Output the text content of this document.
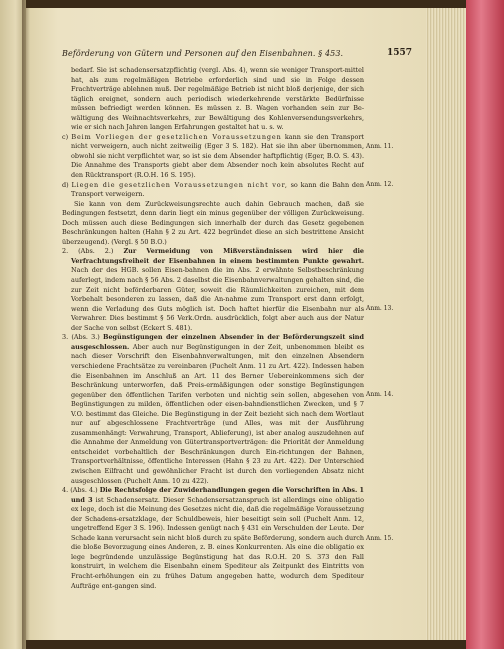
Beförderung von Gütern und Personen auf den Eisenbahnen. § 453.	1557

bedarf. Sie ist schadensersatzpflichtig (vergl. Abs. 4), wenn sie weniger Transport-mittel hat, als zum regelmäßigen Betriebe erforderlich sind und sie in Folge dessen Frachtverträge ablehnen muß. Der regelmäßige Betrieb ist nicht bloß derjenige, der sich täglich ereignet, sondern auch periodisch wiederkehrende verstärkte Bedürfnisse müssen befriedigt werden können. Es müssen z. B. Wagen vorhanden sein zur Be-wältigung des Weihnachtsverkehrs, zur Bewältigung des Kohlenversendungsverkehrs, wie er sich nach Jahren langen Erfahrungen gestaltet hat u. s. w.

c) Beim Vorliegen der gesetzlichen Voraussetzungen kann sie den Transport nicht verweigern, auch nicht zeitweilig (Eger 3 S. 182). Hat sie ihn aber übernommen, obwohl sie nicht verpflichtet war, so ist sie dem Absender haftpflichtig (Eger, B.O. S. 43). Die Annahme des Transports giebt aber dem Absender noch kein absolutes Recht auf den Rücktransport (R.O.H. 16 S. 195).

d) Liegen die gesetzlichen Voraussetzungen nicht vor, so kann die Bahn den Transport verweigern.

Sie kann von dem Zurückweisungsrechte auch dahin Gebrauch machen, daß sie Bedingungen festsetzt, denn darin liegt ein minus gegenüber der völligen Zurückweisung. Doch müssen auch diese Bedingungen sich innerhalb der durch das Gesetz gegebenen Beschränkungen halten (Hahn § 2 zu Art. 422 begründet diese an sich bestrittene Ansicht überzeugend). (Vergl. § 50 B.O.)

2. (Abs. 2.) Zur Vermeidung von Mißverständnissen wird hier die Verfrachtungsfreiheit der Eisenbahnen in einem bestimmten Punkte gewahrt. Nach der des HGB. sollen Eisen-bahnen die im Abs. 2 erwähnte Selbstbeschränkung auferlegt, indem nach § 56 Abs. 2 daselbst die Eisenbahnverwaltungen gehalten sind, die zur Zeit nicht beförderbaren Güter, soweit die Räumlichkeiten zureichen, mit dem Vorbehalt besonderen zu lassen, daß die An-nahme zum Transport erst dann erfolgt, wenn die Verladung des Guts möglich ist. Doch haftet hierfür die Eisenbahn nur als Verwahrer. Dies bestimmt § 56 Verk.Ordn. ausdrücklich, folgt aber auch aus der Natur der Sache von selbst (Eckert S. 481).

3. (Abs. 3.) Begünstigungen der einzelnen Absender in der Beförderungszeit sind ausgeschlossen. Aber auch nur Begünstigungen in der Zeit, unbenommen bleibt es nach dieser Vorschrift den Eisenbahnverwaltungen, mit den einzelnen Absendern verschiedene Frachtsätze zu vereinbaren (Puchelt Anm. 11 zu Art. 422). Indessen haben die Eisenbahnen im Anschluß an Art. 11 des Berner Uebereinkommens sich der Beschränkung unterworfen, daß Preis-ermäßigungen oder sonstige Begünstigungen gegenüber den öffentlichen Tarifen verboten und nichtig sein sollen, abgesehen von Begünstigungen zu milden, öffentlichen oder eisen-bahndienstlichen Zwecken, und § 7 V.O. bestimmt das Gleiche. Die Begünstigung in der Zeit bezieht sich nach dem Wortlaut nur auf abgeschlossene Frachtverträge (und Alles, was mit der Ausführung zusammenhängt: Verwahrung, Transport, Ablieferung), ist aber analog auszudehnen auf die Annahme der Anmeldung von Gütertransportverträgen: die Priorität der Anmeldung entscheidet vorbehaltlich der Beschränkungen durch Ein-richtungen der Bahnen, Transportverhältnisse, öffentliche Interessen (Hahn § 23 zu Art. 422). Der Unterschied zwischen Eilfracht und gewöhnlicher Fracht ist durch den vorliegenden Absatz nicht ausgeschlossen (Puchelt Anm. 10 zu 422).

4. (Abs. 4.) Die Rechtsfolge der Zuwiderhandlungen gegen die Vorschriften in Abs. 1 und 3 ist Schadensersatz. Dieser Schadensersatzanspruch ist allerdings eine obligatio ex lege, doch ist die Meinung des Gesetzes nicht die, daß die regelmäßige Voraussetzung der Schadens-ersatzklage, der Schuldbeweis, hier beseitigt sein soll (Puchelt Anm. 12, ungetreffend Eger 3 S. 196). Indessen genügt nach § 431 ein Verschulden der Leute. Der Schade kann verursacht sein nicht bloß durch zu späte Beförderung, sondern auch durch die bloße Bevorzugung eines Anderen, z. B. eines Konkurrenten. Als eine die obligatio ex lege begründende unzulässige Begünstigung hat das R.O.H. 20 S. 373 den Fall konstruirt, in welchem die Eisenbahn einem Spediteur als Zeitpunkt des Eintritts von Fracht-erhöhungen ein zu frühes Datum angegeben hatte, wodurch dem Spediteur Aufträge ent-gangen sind.

Anm. 11.
Anm. 12.
Anm. 13.
Anm. 14.
Anm. 15.
